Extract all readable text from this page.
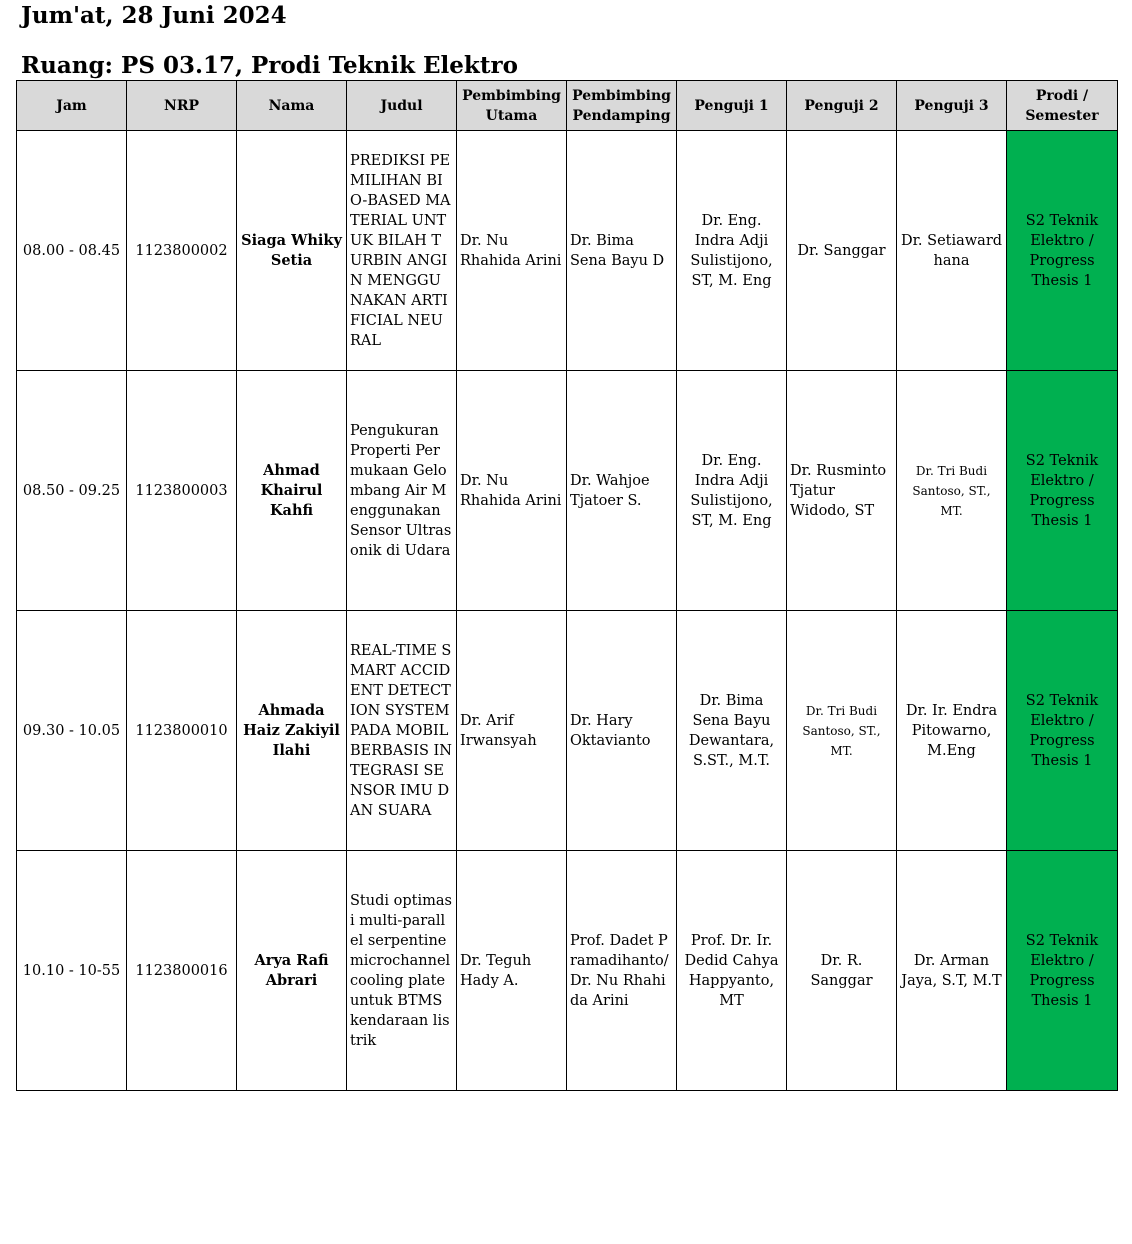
Jum'at, 28 Juni 2024
Ruang: PS 03.17, Prodi Teknik Elektro
Jam	NRP	Nama	Judul	Pembimbing Utama	Pembimbing Pendamping	Penguji 1	Penguji 2	Penguji 3	Prodi / Semester
08.00 - 08.45	1123800002	Siaga Whiky Setia	PREDIKSI PEMILIHAN BIO-BASED MATERIAL UNTUK BILAH TURBIN ANGIN MENGGUNAKAN ARTIFICIAL NEURAL	Dr. Nu Rhahida Arini	Dr. Bima Sena Bayu D	Dr. Eng. Indra Adji Sulistijono, ST, M. Eng	Dr. Sanggar	Dr. Setiawardhana	S2 Teknik Elektro / Progress Thesis 1
08.50 - 09.25	1123800003	Ahmad Khairul Kahfi	Pengukuran Properti Permukaan Gelombang Air Menggunakan Sensor Ultrasonik di Udara	Dr. Nu Rhahida Arini	Dr. Wahjoe Tjatoer S.	Dr. Eng. Indra Adji Sulistijono, ST, M. Eng	Dr. Rusminto Tjatur Widodo, ST	Dr. Tri Budi Santoso, ST., MT.	S2 Teknik Elektro / Progress Thesis 1
09.30 - 10.05	1123800010	Ahmada Haiz Zakiyil Ilahi	REAL-TIME SMART ACCIDENT DETECTION SYSTEM PADA MOBIL BERBASIS INTEGRASI SENSOR IMU DAN SUARA	Dr. Arif Irwansyah	Dr. Hary Oktavianto	Dr. Bima Sena Bayu Dewantara, S.ST., M.T.	Dr. Tri Budi Santoso, ST., MT.	Dr. Ir. Endra Pitowarno, M.Eng	S2 Teknik Elektro / Progress Thesis 1
10.10 - 10-55	1123800016	Arya Rafi Abrari	Studi optimasi multi-parallel serpentine microchannel cooling plate untuk BTMS kendaraan listrik	Dr. Teguh Hady A.	Prof. Dadet Pramadihanto/Dr. Nu Rhahida Arini	Prof. Dr. Ir. Dedid Cahya Happyanto, MT	Dr. R. Sanggar	Dr. Arman Jaya, S.T, M.T	S2 Teknik Elektro / Progress Thesis 1
